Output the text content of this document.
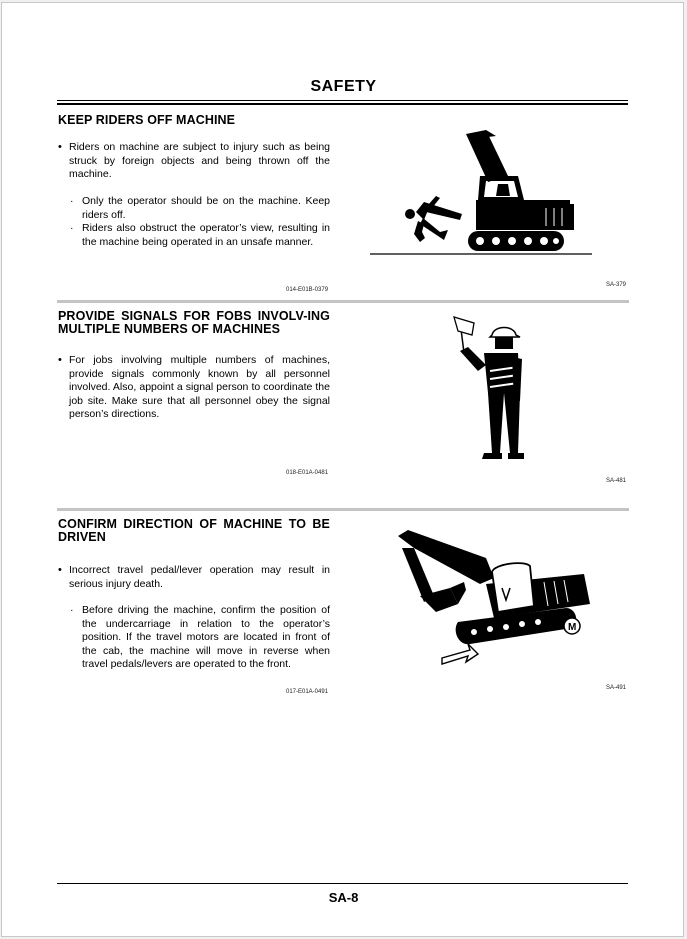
SAFETY
KEEP RIDERS OFF MACHINE
• Riders on machine are subject to injury such as being struck by foreign objects and being thrown off the machine.
· Only the operator should be on the machine. Keep riders off.
· Riders also obstruct the operator’s view, resulting in the machine being operated in an unsafe manner.
014-E01B-0379
SA-379
PROVIDE SIGNALS FOR FOBS INVOLV-ING MULTIPLE NUMBERS OF MACHINES
• For jobs involving multiple numbers of machines, provide signals commonly known by all personnel involved. Also, appoint a signal person to coordinate the job site. Make sure that all personnel obey the signal person’s directions.
018-E01A-0481
SA-481
CONFIRM DIRECTION OF MACHINE TO BE DRIVEN
• Incorrect travel pedal/lever operation may result in serious injury death.
· Before driving the machine, confirm the position of the undercarriage in relation to the operator’s position. If the travel motors are located in front of the cab, the machine will move in reverse when travel pedals/levers are operated to the front.
017-E01A-0491
SA-491
M
SA-8
